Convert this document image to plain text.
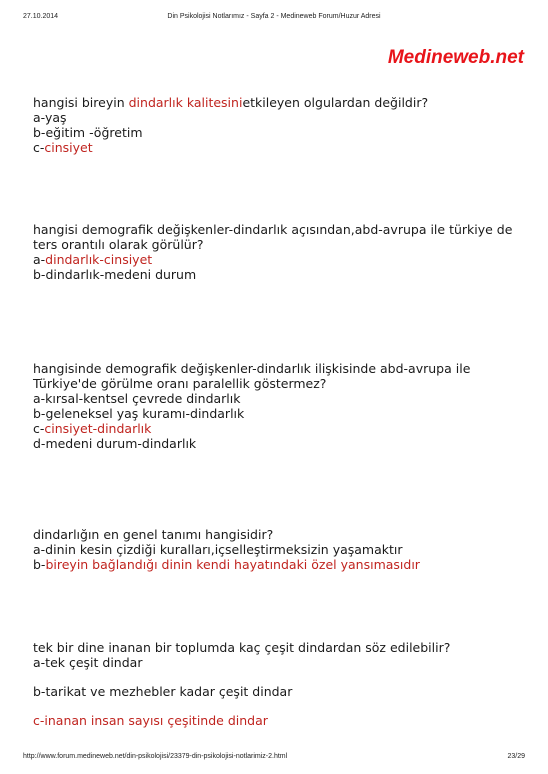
27.10.2014	Din Psikolojisi Notlarımız - Sayfa 2 - Medineweb Forum/Huzur Adresi
Medineweb.net
hangisi bireyin dindarlık kalitesinietkileyen olgulardan değildir?
a-yaş
b-eğitim -öğretim
c-cinsiyet
hangisi demografik değişkenler-dindarlık açısından,abd-avrupa ile türkiye de ters orantılı olarak görülür?
a-dindarlık-cinsiyet
b-dindarlık-medeni durum
hangisinde demografik değişkenler-dindarlık ilişkisinde abd-avrupa ile Türkiye'de görülme oranı paralellik göstermez?
a-kırsal-kentsel çevrede dindarlık
b-geleneksel yaş kuramı-dindarlık
c-cinsiyet-dindarlık
d-medeni durum-dindarlık
dindarlığın en genel tanımı hangisidir?
a-dinin kesin çizdiği kuralları,içselleştirmeksizin yaşamaktır
b-bireyin bağlandığı dinin kendi hayatındaki özel yansımasıdır
tek bir dine inanan bir toplumda kaç çeşit dindardan söz edilebilir?
a-tek çeşit dindar
b-tarikat ve mezhebler kadar çeşit dindar
c-inanan insan sayısı çeşitinde dindar
http://www.forum.medineweb.net/din-psikolojisi/23379-din-psikolojisi-notlarimiz-2.html	23/29
